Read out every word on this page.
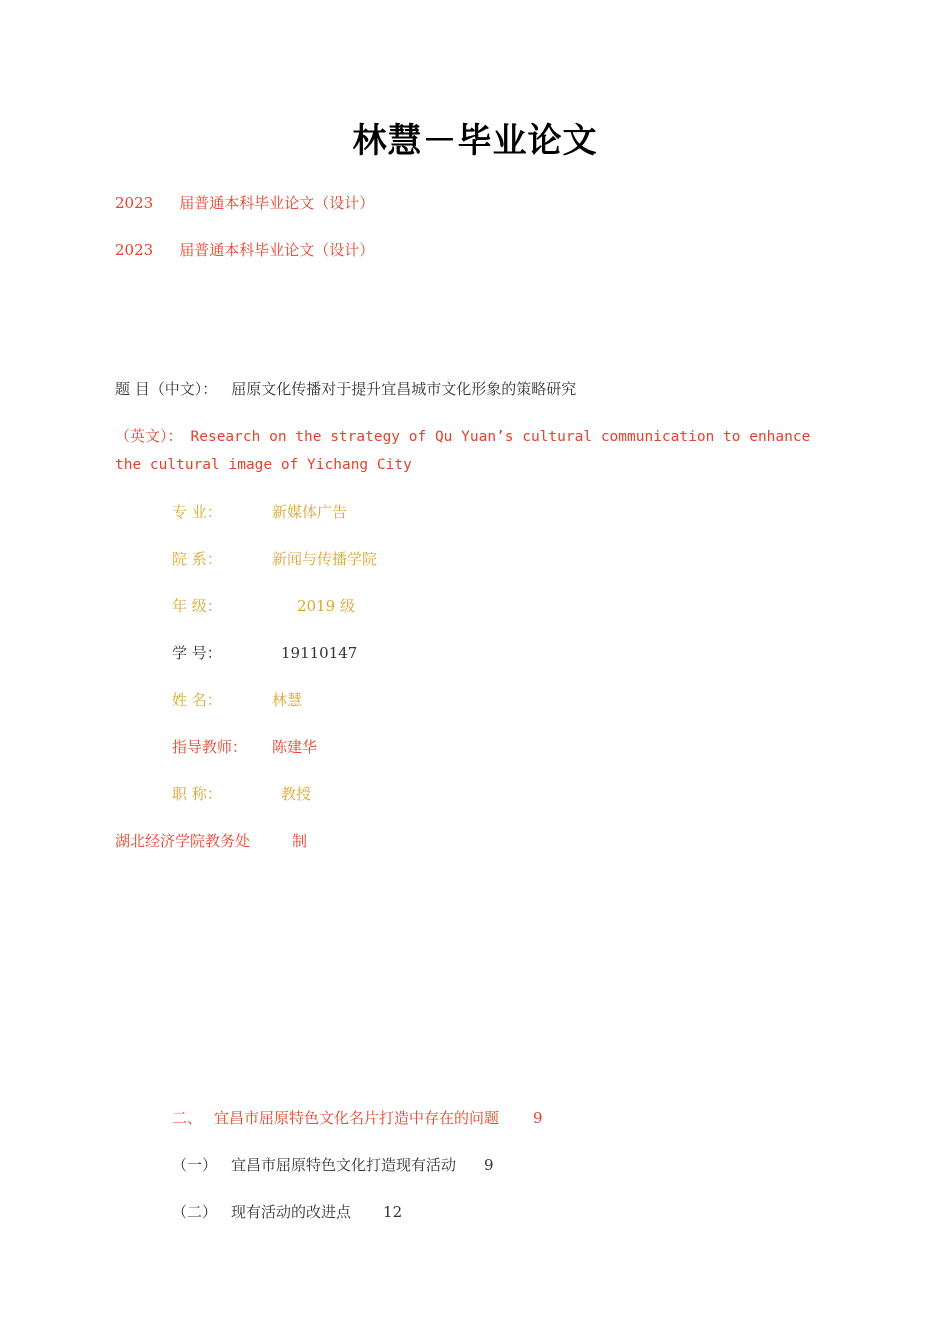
林慧－毕业论文
2023 届普通本科毕业论文（设计）
2023 届普通本科毕业论文（设计）
题 目（中文）： 屈原文化传播对于提升宜昌城市文化形象的策略研究
（英文）： Research on the strategy of Qu Yuan’s cultural communication to enhance
the cultural image of Yichang City
专 业：	新媒体广告
院 系：	新闻与传播学院
年 级：	2019 级
学 号：	19110147
姓 名：	林慧
指导教师： 陈建华
职 称：	教授
湖北经济学院教务处	制
二、 宜昌市屈原特色文化名片打造中存在的问题 9
（一） 宜昌市屈原特色文化打造现有活动 9
（二） 现有活动的改进点 12
